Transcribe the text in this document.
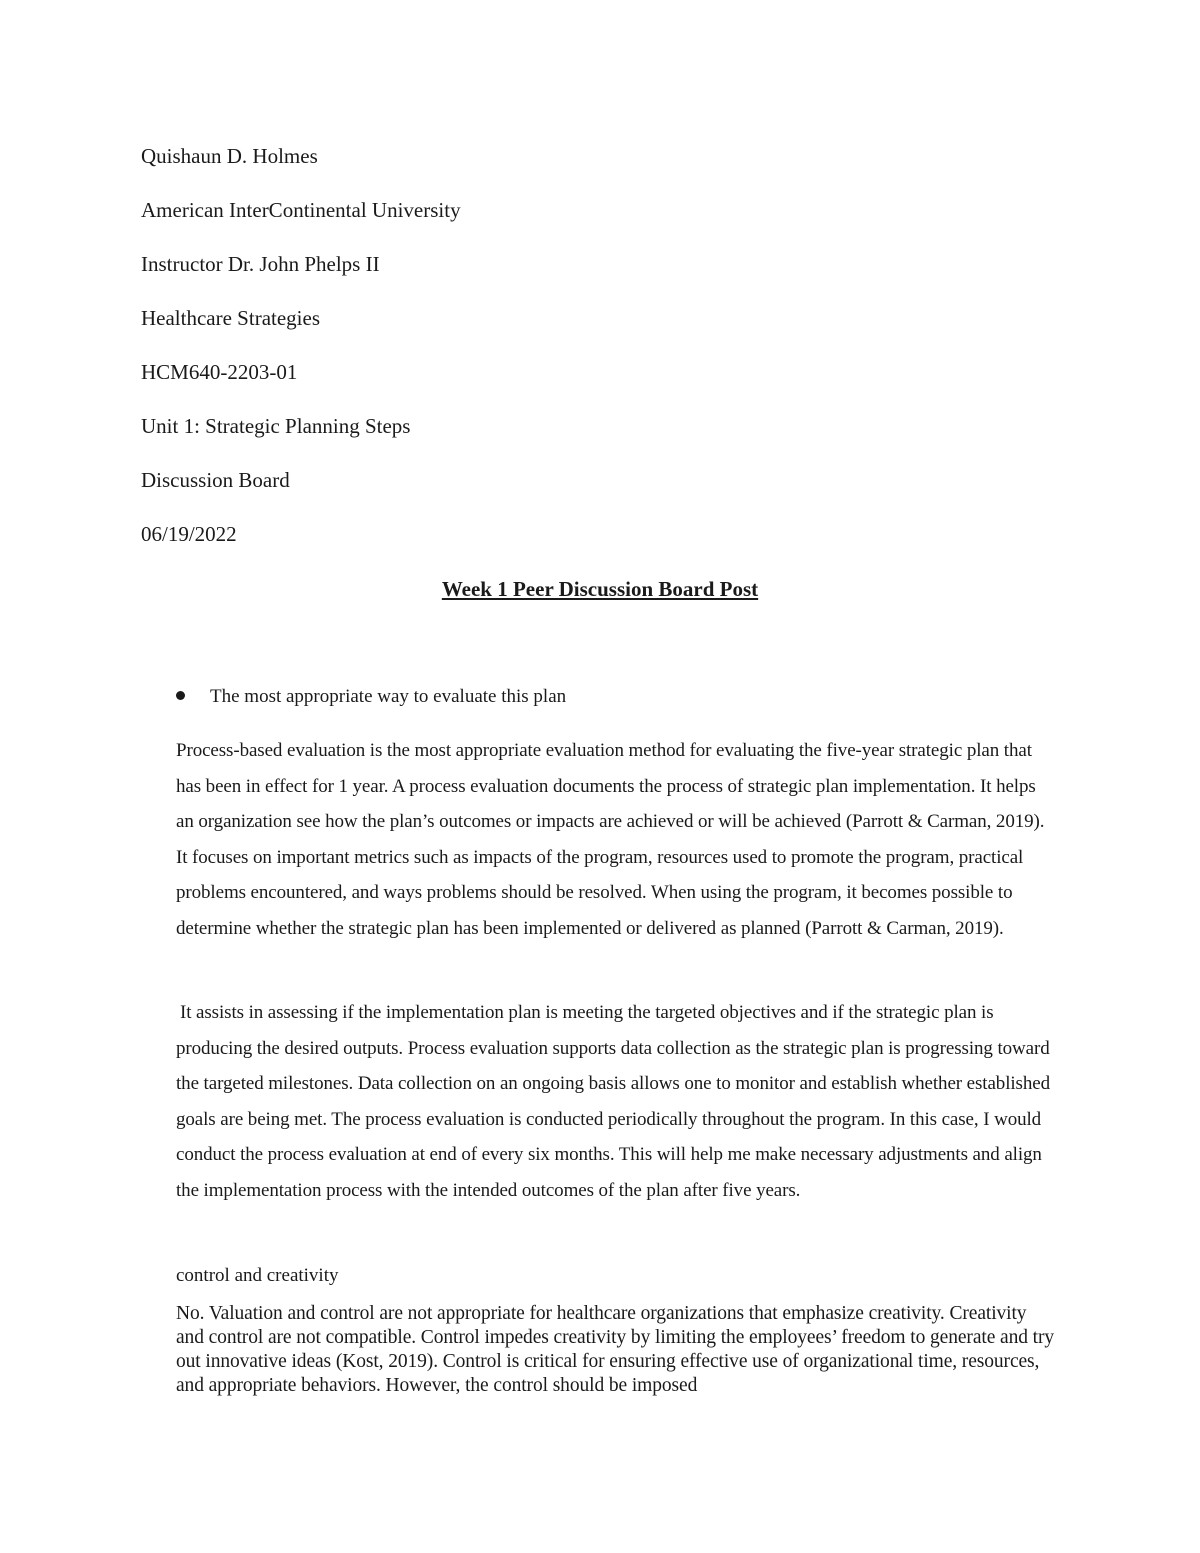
Quishaun D. Holmes
American InterContinental University
Instructor Dr. John Phelps II
Healthcare Strategies
HCM640-2203-01
Unit 1: Strategic Planning Steps
Discussion Board
06/19/2022
Week 1 Peer Discussion Board Post
The most appropriate way to evaluate this plan

Process-based evaluation is the most appropriate evaluation method for evaluating the five-year strategic plan that has been in effect for 1 year. A process evaluation documents the process of strategic plan implementation. It helps an organization see how the plan’s outcomes or impacts are achieved or will be achieved (Parrott & Carman, 2019). It focuses on important metrics such as impacts of the program, resources used to promote the program, practical problems encountered, and ways problems should be resolved. When using the program, it becomes possible to determine whether the strategic plan has been implemented or delivered as planned (Parrott & Carman, 2019).

It assists in assessing if the implementation plan is meeting the targeted objectives and if the strategic plan is producing the desired outputs. Process evaluation supports data collection as the strategic plan is progressing toward the targeted milestones. Data collection on an ongoing basis allows one to monitor and establish whether established goals are being met. The process evaluation is conducted periodically throughout the program. In this case, I would conduct the process evaluation at end of every six months. This will help me make necessary adjustments and align the implementation process with the intended outcomes of the plan after five years.

control and creativity

No. Valuation and control are not appropriate for healthcare organizations that emphasize creativity. Creativity and control are not compatible. Control impedes creativity by limiting the employees’ freedom to generate and try out innovative ideas (Kost, 2019). Control is critical for ensuring effective use of organizational time, resources, and appropriate behaviors. However, the control should be imposed
